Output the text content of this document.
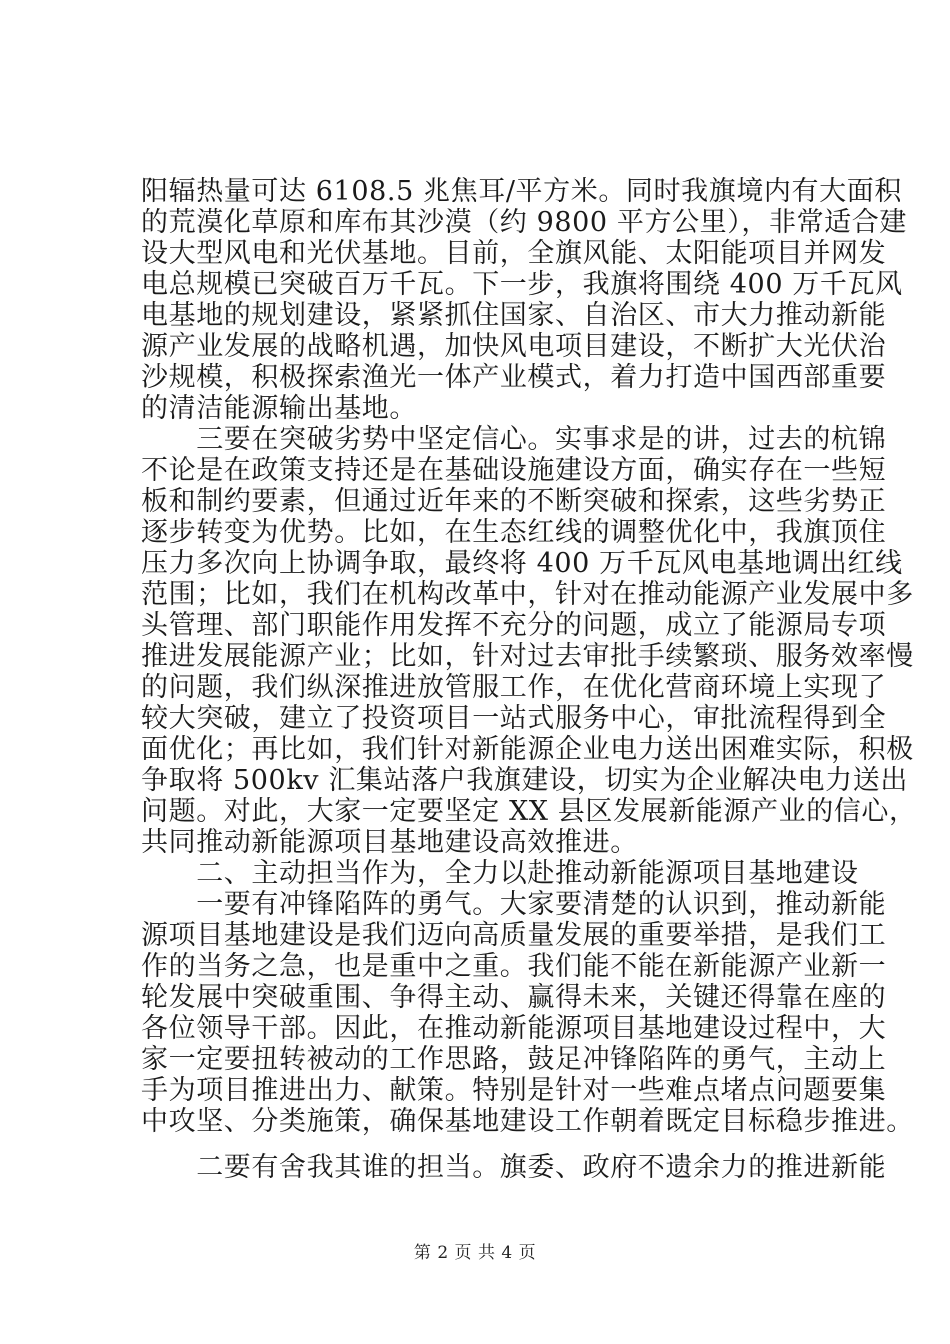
阳辐热量可达 6108.5 兆焦耳/平方米。同时我旗境内有大面积
的荒漠化草原和库布其沙漠（约 9800 平方公里），非常适合建
设大型风电和光伏基地。目前，全旗风能、太阳能项目并网发
电总规模已突破百万千瓦。下一步，我旗将围绕 400 万千瓦风
电基地的规划建设，紧紧抓住国家、自治区、市大力推动新能
源产业发展的战略机遇，加快风电项目建设，不断扩大光伏治
沙规模，积极探索渔光一体产业模式，着力打造中国西部重要
的清洁能源输出基地。
　　三要在突破劣势中坚定信心。实事求是的讲，过去的杭锦
不论是在政策支持还是在基础设施建设方面，确实存在一些短
板和制约要素，但通过近年来的不断突破和探索，这些劣势正
逐步转变为优势。比如，在生态红线的调整优化中，我旗顶住
压力多次向上协调争取，最终将 400 万千瓦风电基地调出红线
范围；比如，我们在机构改革中，针对在推动能源产业发展中多
头管理、部门职能作用发挥不充分的问题，成立了能源局专项
推进发展能源产业；比如，针对过去审批手续繁琐、服务效率慢
的问题，我们纵深推进放管服工作，在优化营商环境上实现了
较大突破，建立了投资项目一站式服务中心，审批流程得到全
面优化；再比如，我们针对新能源企业电力送出困难实际，积极
争取将 500kv 汇集站落户我旗建设，切实为企业解决电力送出
问题。对此，大家一定要坚定 XX 县区发展新能源产业的信心，
共同推动新能源项目基地建设高效推进。
　　二、主动担当作为，全力以赴推动新能源项目基地建设
　　一要有冲锋陷阵的勇气。大家要清楚的认识到，推动新能
源项目基地建设是我们迈向高质量发展的重要举措，是我们工
作的当务之急，也是重中之重。我们能不能在新能源产业新一
轮发展中突破重围、争得主动、赢得未来，关键还得靠在座的
各位领导干部。因此，在推动新能源项目基地建设过程中，大
家一定要扭转被动的工作思路，鼓足冲锋陷阵的勇气，主动上
手为项目推进出力、献策。特别是针对一些难点堵点问题要集
中攻坚、分类施策，确保基地建设工作朝着既定目标稳步推进。
　　二要有舍我其谁的担当。旗委、政府不遗余力的推进新能
第 2 页 共 4 页
